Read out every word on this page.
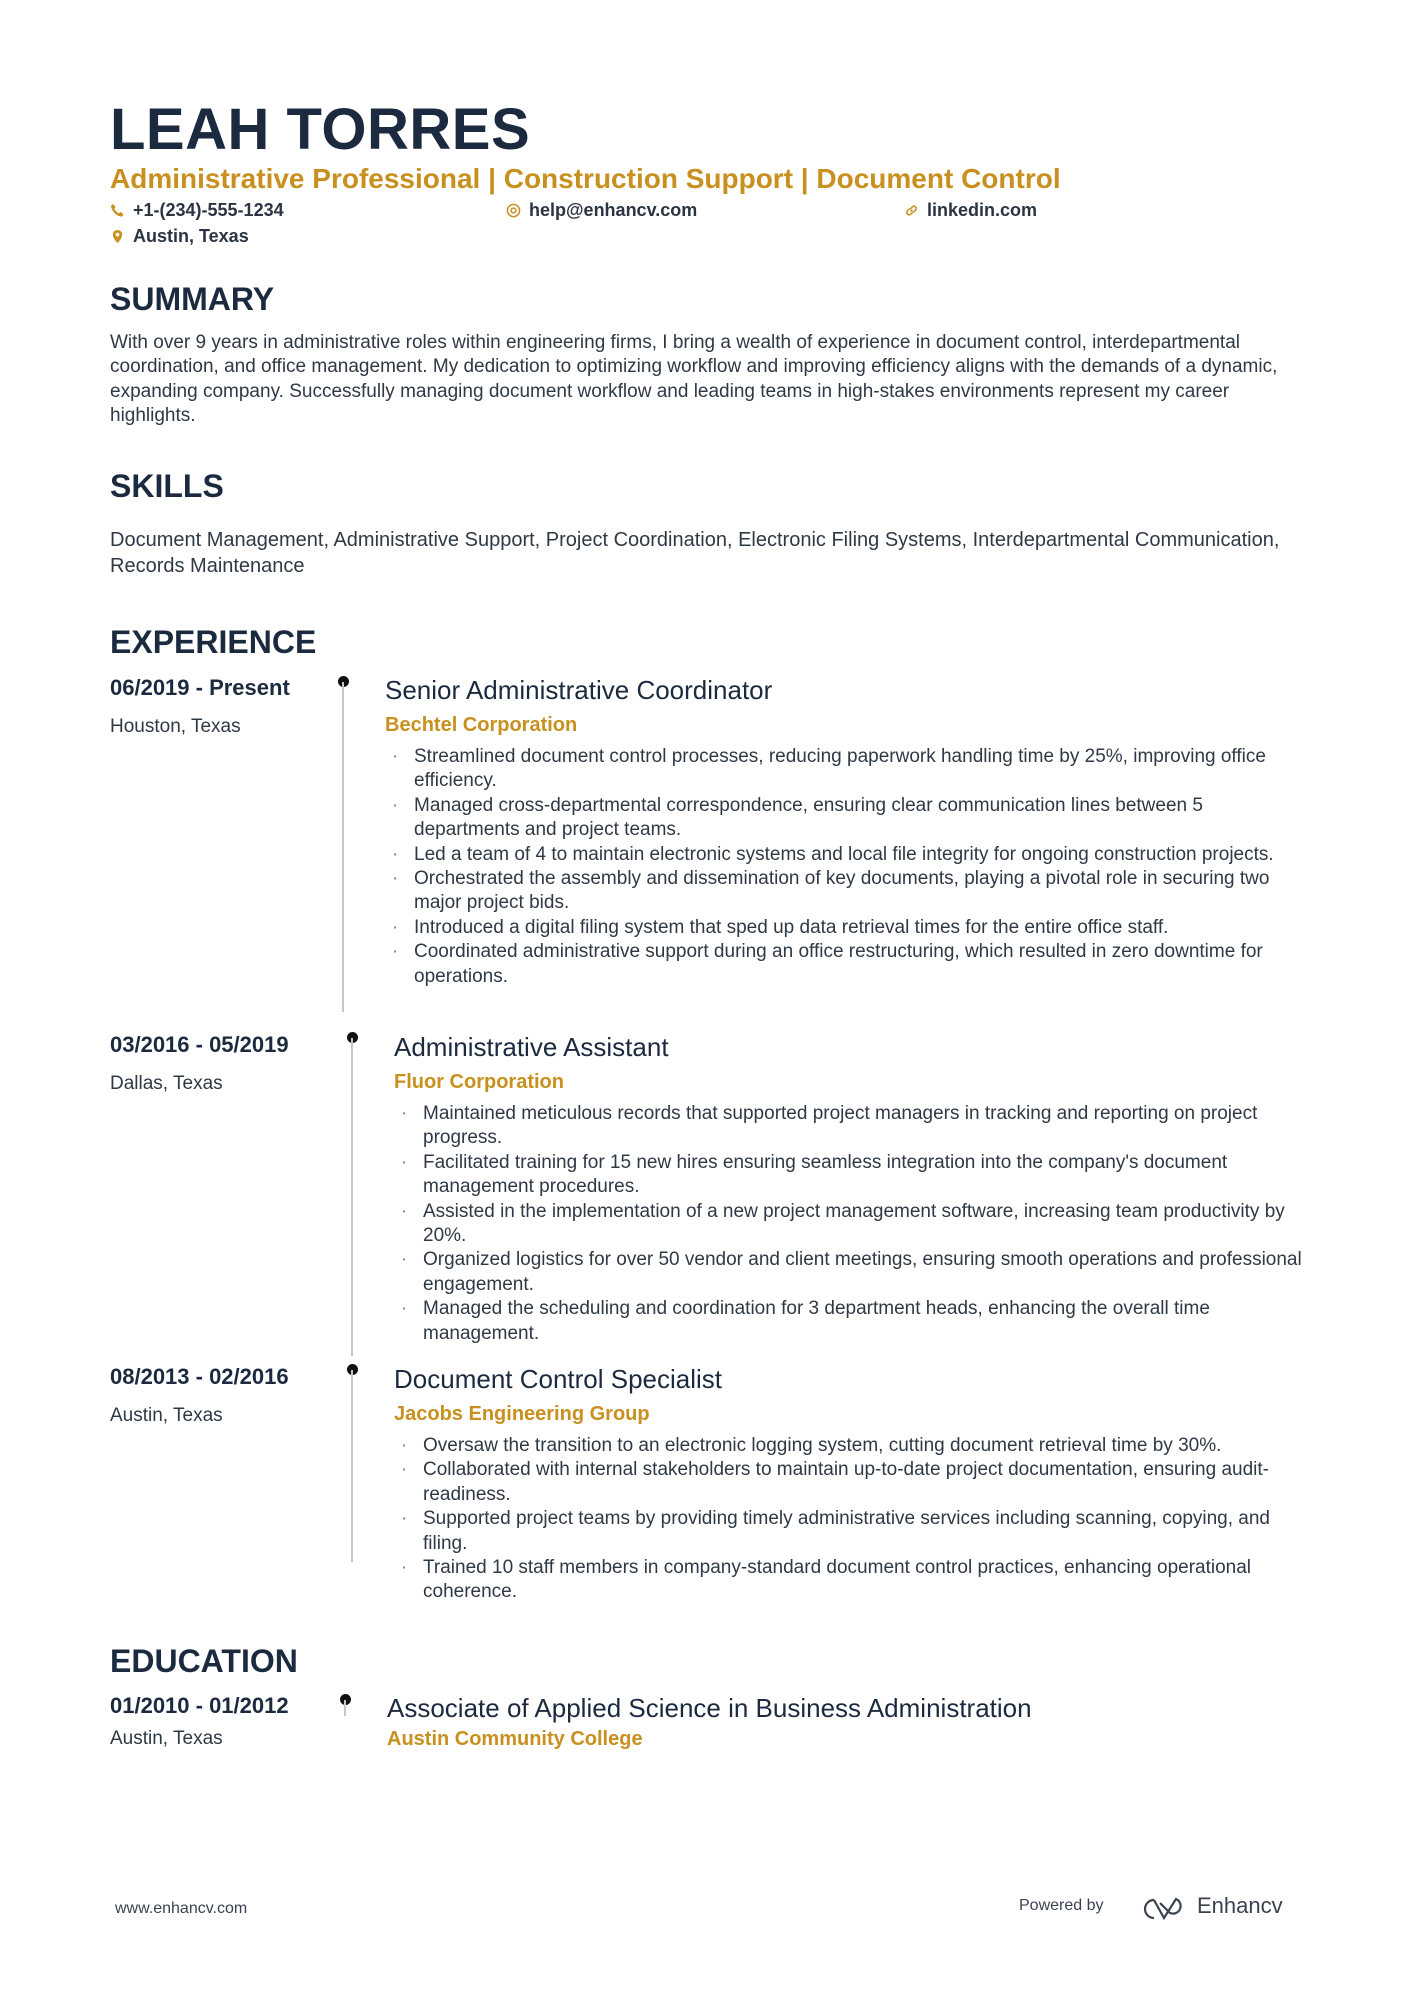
LEAH TORRES
Administrative Professional | Construction Support | Document Control
+1-(234)-555-1234	help@enhancv.com	linkedin.com
Austin, Texas
SUMMARY
With over 9 years in administrative roles within engineering firms, I bring a wealth of experience in document control, interdepartmental coordination, and office management. My dedication to optimizing workflow and improving efficiency aligns with the demands of a dynamic, expanding company. Successfully managing document workflow and leading teams in high-stakes environments represent my career highlights.
SKILLS
Document Management, Administrative Support, Project Coordination, Electronic Filing Systems, Interdepartmental Communication, Records Maintenance
EXPERIENCE
06/2019 - Present
Houston, Texas
Senior Administrative Coordinator
Bechtel Corporation
· Streamlined document control processes, reducing paperwork handling time by 25%, improving office efficiency.
· Managed cross-departmental correspondence, ensuring clear communication lines between 5 departments and project teams.
· Led a team of 4 to maintain electronic systems and local file integrity for ongoing construction projects.
· Orchestrated the assembly and dissemination of key documents, playing a pivotal role in securing two major project bids.
· Introduced a digital filing system that sped up data retrieval times for the entire office staff.
· Coordinated administrative support during an office restructuring, which resulted in zero downtime for operations.
03/2016 - 05/2019
Dallas, Texas
Administrative Assistant
Fluor Corporation
· Maintained meticulous records that supported project managers in tracking and reporting on project progress.
· Facilitated training for 15 new hires ensuring seamless integration into the company's document management procedures.
· Assisted in the implementation of a new project management software, increasing team productivity by 20%.
· Organized logistics for over 50 vendor and client meetings, ensuring smooth operations and professional engagement.
· Managed the scheduling and coordination for 3 department heads, enhancing the overall time management.
08/2013 - 02/2016
Austin, Texas
Document Control Specialist
Jacobs Engineering Group
· Oversaw the transition to an electronic logging system, cutting document retrieval time by 30%.
· Collaborated with internal stakeholders to maintain up-to-date project documentation, ensuring audit-readiness.
· Supported project teams by providing timely administrative services including scanning, copying, and filing.
· Trained 10 staff members in company-standard document control practices, enhancing operational coherence.
EDUCATION
01/2010 - 01/2012
Austin, Texas
Associate of Applied Science in Business Administration
Austin Community College
www.enhancv.com	Powered by	Enhancv
